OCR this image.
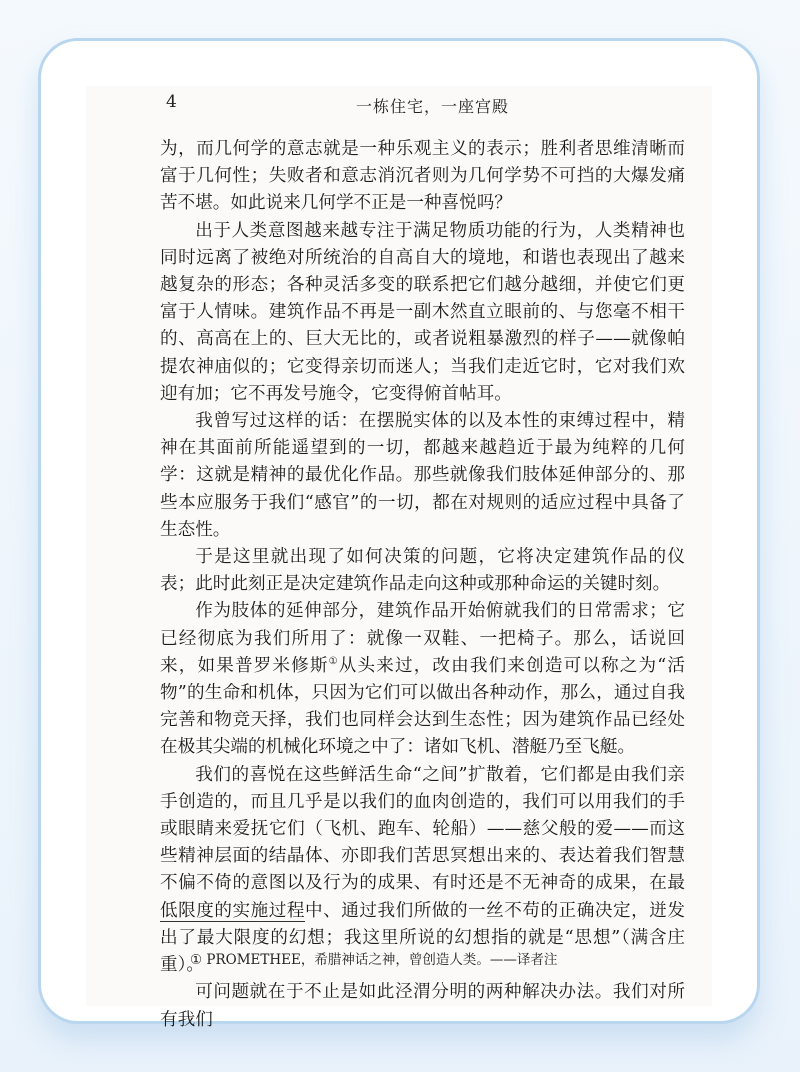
4	一栋住宅，一座宫殿

为，而几何学的意志就是一种乐观主义的表示；胜利者思维清晰而富于几何性；失败者和意志消沉者则为几何学势不可挡的大爆发痛苦不堪。如此说来几何学不正是一种喜悦吗？

出于人类意图越来越专注于满足物质功能的行为，人类精神也同时远离了被绝对所统治的自高自大的境地，和谐也表现出了越来越复杂的形态；各种灵活多变的联系把它们越分越细，并使它们更富于人情味。建筑作品不再是一副木然直立眼前的、与您毫不相干的、高高在上的、巨大无比的，或者说粗暴激烈的样子——就像帕提农神庙似的；它变得亲切而迷人；当我们走近它时，它对我们欢迎有加；它不再发号施令，它变得俯首帖耳。

我曾写过这样的话：在摆脱实体的以及本性的束缚过程中，精神在其面前所能遥望到的一切，都越来越趋近于最为纯粹的几何学：这就是精神的最优化作品。那些就像我们肢体延伸部分的、那些本应服务于我们“感官”的一切，都在对规则的适应过程中具备了生态性。

于是这里就出现了如何决策的问题，它将决定建筑作品的仪表；此时此刻正是决定建筑作品走向这种或那种命运的关键时刻。

作为肢体的延伸部分，建筑作品开始俯就我们的日常需求；它已经彻底为我们所用了：就像一双鞋、一把椅子。那么，话说回来，如果普罗米修斯①从头来过，改由我们来创造可以称之为“活物”的生命和机体，只因为它们可以做出各种动作，那么，通过自我完善和物竞天择，我们也同样会达到生态性；因为建筑作品已经处在极其尖端的机械化环境之中了：诸如飞机、潜艇乃至飞艇。

我们的喜悦在这些鲜活生命“之间”扩散着，它们都是由我们亲手创造的，而且几乎是以我们的血肉创造的，我们可以用我们的手或眼睛来爱抚它们（飞机、跑车、轮船）——慈父般的爱——而这些精神层面的结晶体、亦即我们苦思冥想出来的、表达着我们智慧不偏不倚的意图以及行为的成果、有时还是不无神奇的成果，在最低限度的实施过程中、通过我们所做的一丝不苟的正确决定，迸发出了最大限度的幻想；我这里所说的幻想指的就是“思想”（满含庄重）。

可问题就在于不止是如此泾渭分明的两种解决办法。我们对所有我们

① PROMETHEE，希腊神话之神，曾创造人类。——译者注
